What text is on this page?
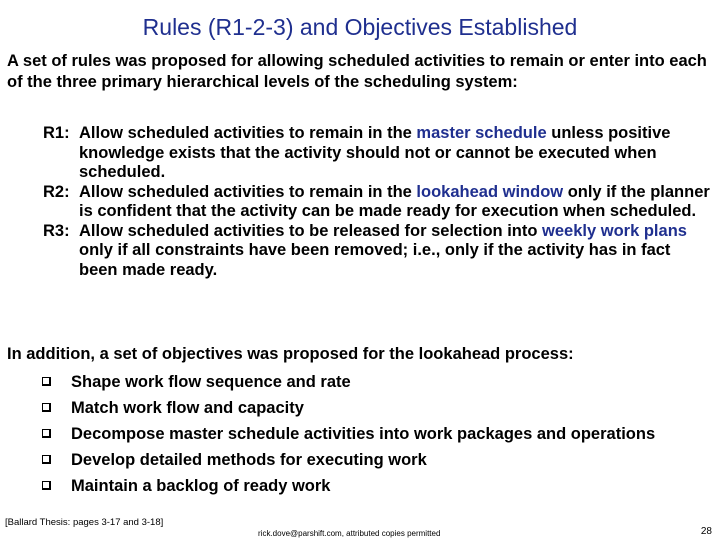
Rules (R1-2-3) and Objectives Established
A set of rules was proposed for allowing scheduled activities to remain or enter into each of the three primary hierarchical levels of the scheduling system:
R1: Allow scheduled activities to remain in the master schedule unless positive knowledge exists that the activity should not or cannot be executed when scheduled.
R2: Allow scheduled activities to remain in the lookahead window only if the planner is confident that the activity can be made ready for execution when scheduled.
R3: Allow scheduled activities to be released for selection into weekly work plans only if all constraints have been removed; i.e., only if the activity has in fact been made ready.
In addition, a set of objectives was proposed for the lookahead process:
Shape work flow sequence and rate
Match work flow and capacity
Decompose master schedule activities into work packages and operations
Develop detailed methods for executing work
Maintain a backlog of ready work
[Ballard Thesis: pages 3-17 and 3-18]
rick.dove@parshift.com, attributed copies permitted	28
